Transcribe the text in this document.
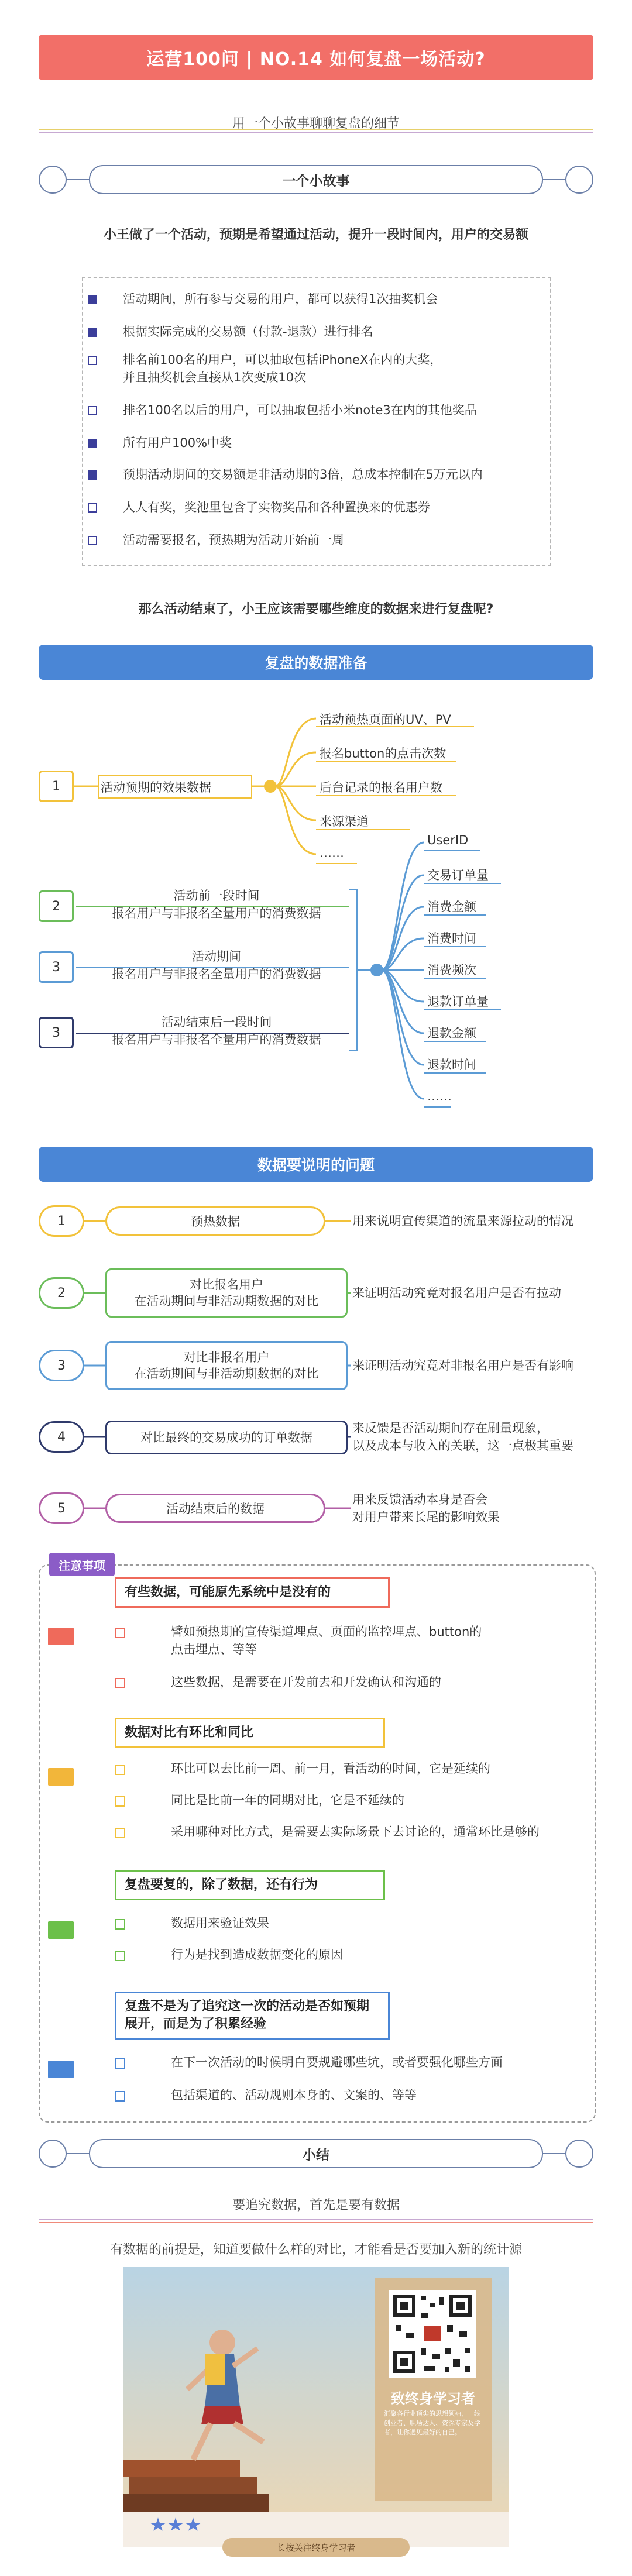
运营100问 | NO.14 如何复盘一场活动?
用一个小故事聊聊复盘的细节
一个小故事
小王做了一个活动，预期是希望通过活动，提升一段时间内，用户的交易额
活动期间，所有参与交易的用户，都可以获得1次抽奖机会
根据实际完成的交易额（付款-退款）进行排名
排名前100名的用户，可以抽取包括iPhoneX在内的大奖，
并且抽奖机会直接从1次变成10次
排名100名以后的用户，可以抽取包括小米note3在内的其他奖品
所有用户100%中奖
预期活动期间的交易额是非活动期的3倍，总成本控制在5万元以内
人人有奖，奖池里包含了实物奖品和各种置换来的优惠券
活动需要报名，预热期为活动开始前一周
那么活动结束了，小王应该需要哪些维度的数据来进行复盘呢?
复盘的数据准备
1	活动预期的效果数据
活动预热页面的UV、PV
报名button的点击次数
后台记录的报名用户数
来源渠道
……
2
活动前一段时间
报名用户与非报名全量用户的消费数据
3
活动期间
报名用户与非报名全量用户的消费数据
3
活动结束后一段时间
报名用户与非报名全量用户的消费数据
UserID
交易订单量
消费金额
消费时间
消费频次
退款订单量
退款金额
退款时间
……
数据要说明的问题
1	预热数据	用来说明宣传渠道的流量来源拉动的情况
2
对比报名用户
在活动期间与非活动期数据的对比
来证明活动究竟对报名用户是否有拉动
3
对比非报名用户
在活动期间与非活动期数据的对比
来证明活动究竟对非报名用户是否有影响
4	对比最终的交易成功的订单数据
来反馈是否活动期间存在刷量现象，
以及成本与收入的关联，这一点极其重要
5	活动结束后的数据
用来反馈活动本身是否会
对用户带来长尾的影响效果
注意事项
有些数据，可能原先系统中是没有的
譬如预热期的宣传渠道埋点、页面的监控埋点、button的
点击埋点、等等
这些数据，是需要在开发前去和开发确认和沟通的
数据对比有环比和同比
环比可以去比前一周、前一月，看活动的时间，它是延续的
同比是比前一年的同期对比，它是不延续的
采用哪种对比方式，是需要去实际场景下去讨论的，通常环比是够的
复盘要复的，除了数据，还有行为
数据用来验证效果
行为是找到造成数据变化的原因
复盘不是为了追究这一次的活动是否如预期
展开，而是为了积累经验
在下一次活动的时候明白要规避哪些坑，或者要强化哪些方面
包括渠道的、活动规则本身的、文案的、等等
小结
要追究数据，首先是要有数据
有数据的前提是，知道要做什么样的对比，才能看是否要加入新的统计源
致终身学习者
汇聚各行业顶尖的思想领袖、一线创业者、职场达人、资深专家及学者，让你遇见最好的自己。
长按关注终身学习者
